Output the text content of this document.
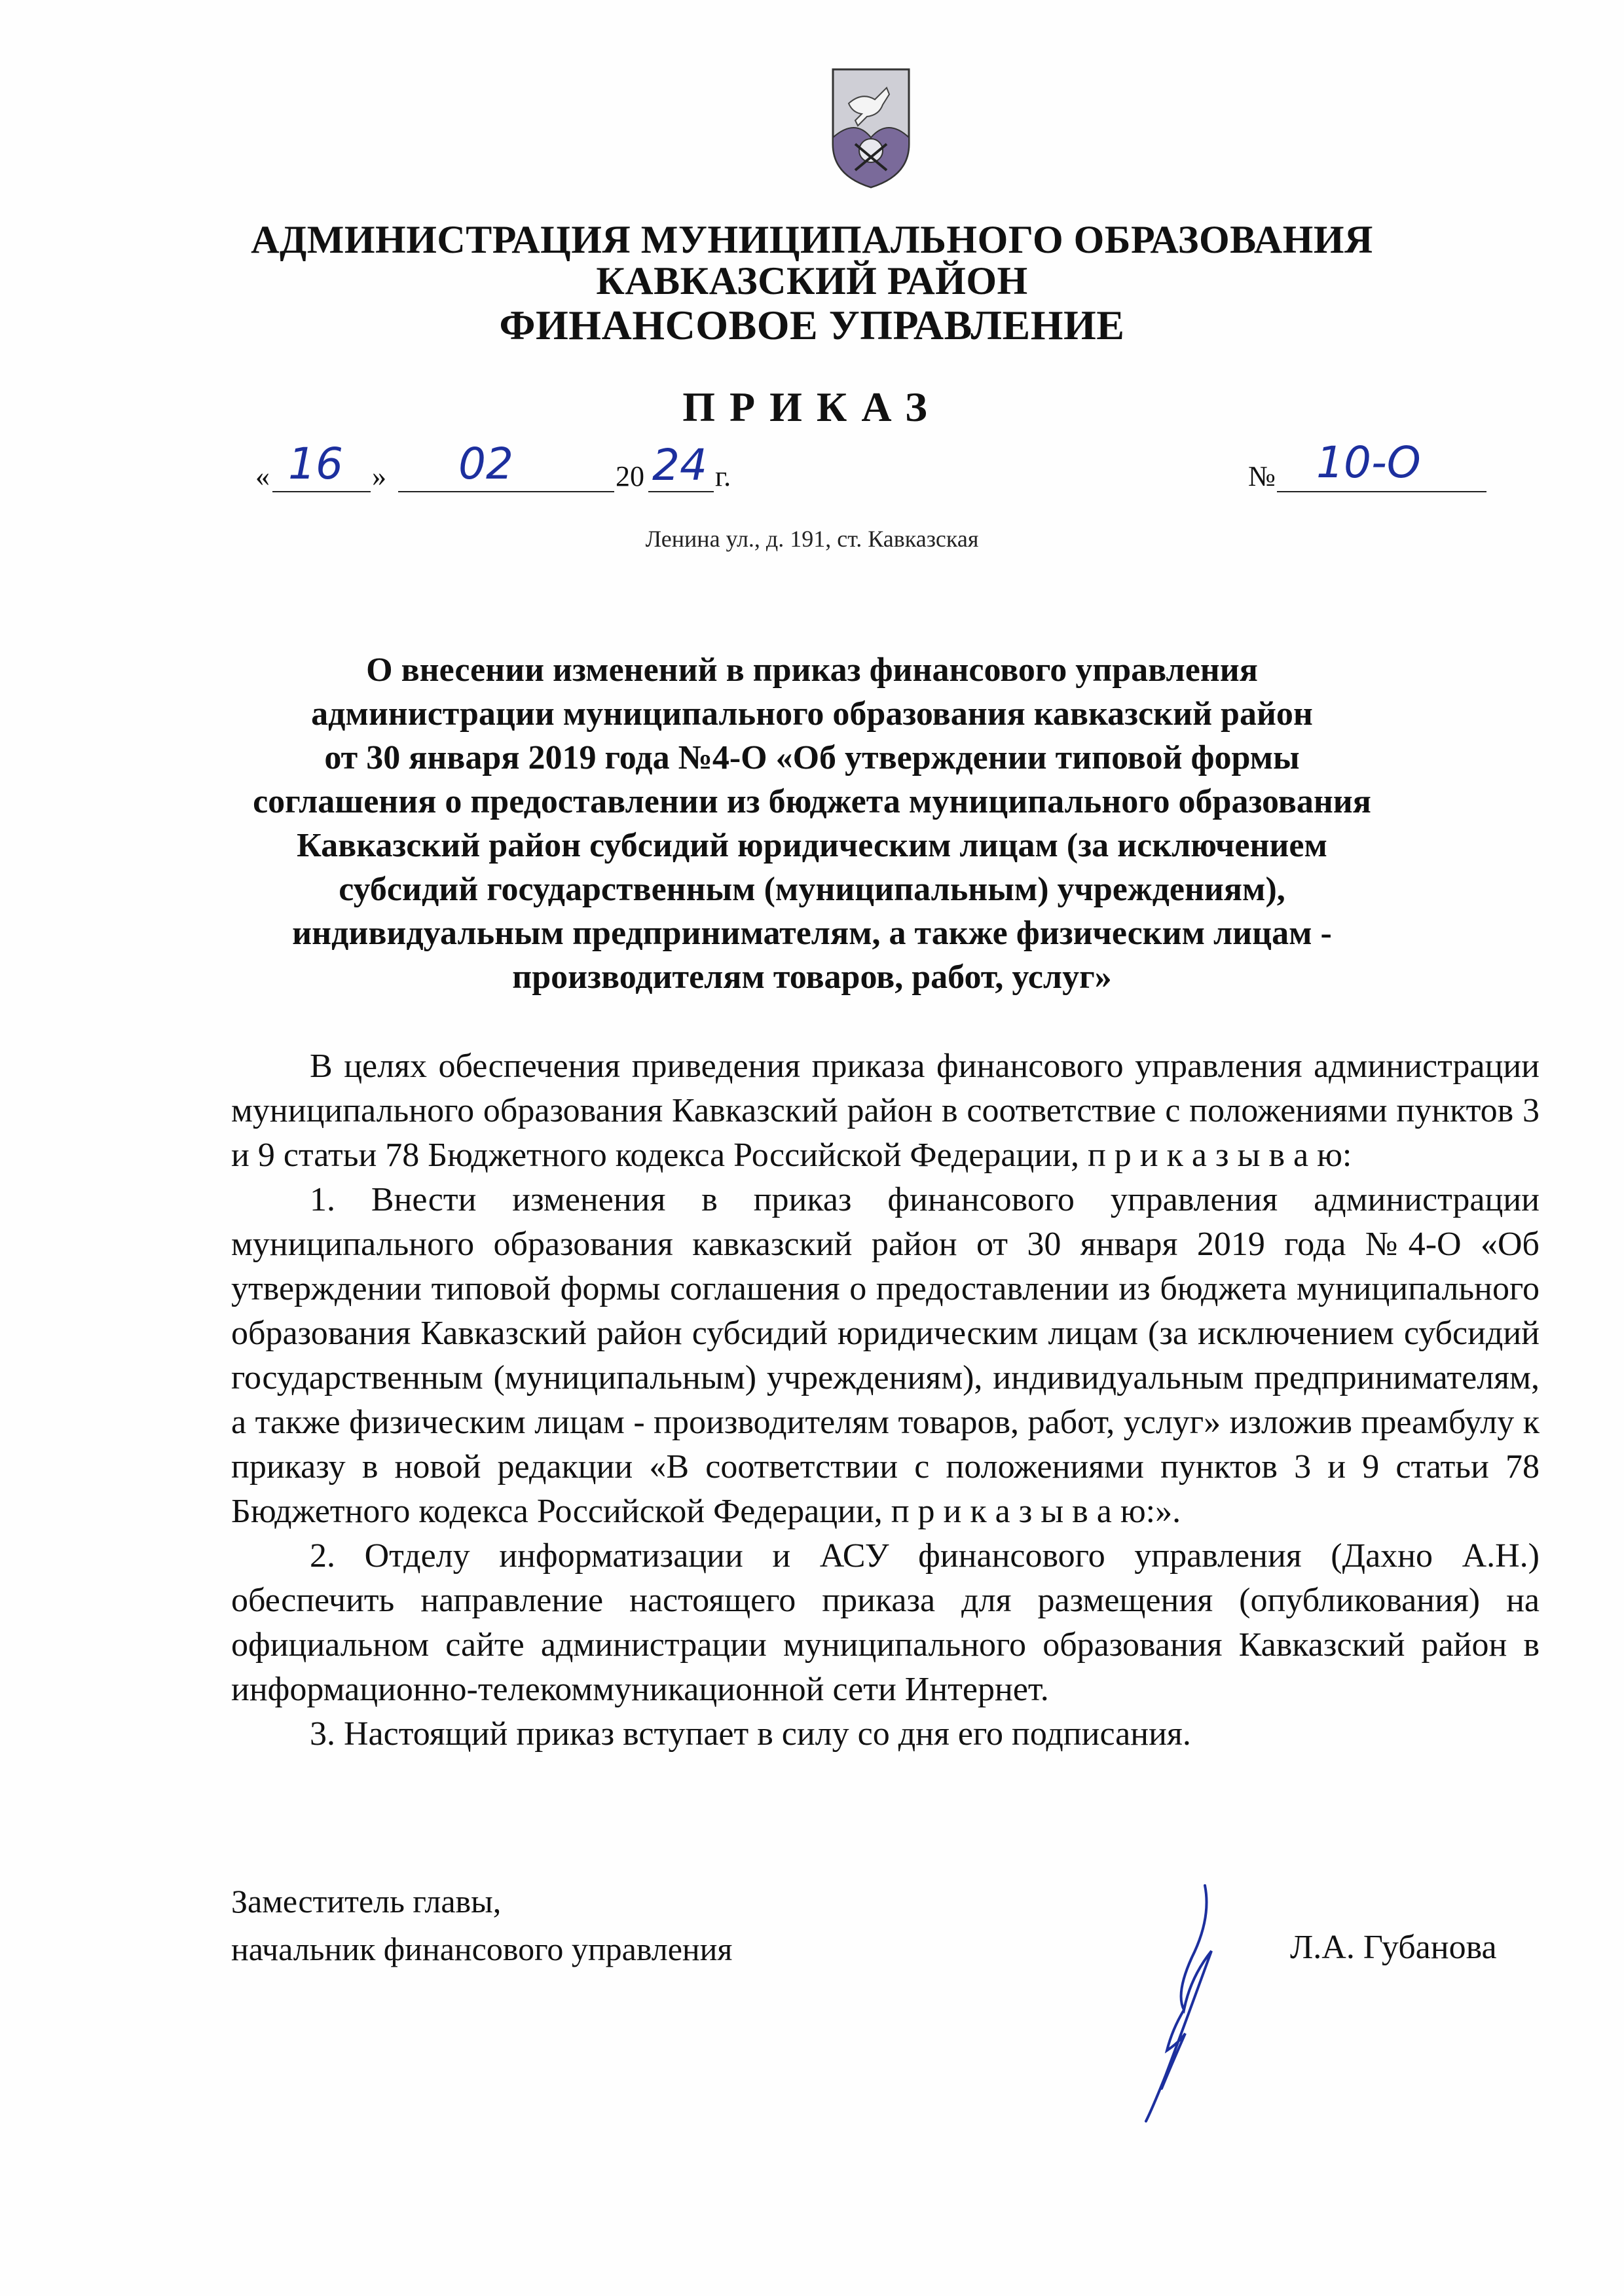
АДМИНИСТРАЦИЯ МУНИЦИПАЛЬНОГО ОБРАЗОВАНИЯ
КАВКАЗСКИЙ РАЙОН
ФИНАНСОВОЕ УПРАВЛЕНИЕ
ПРИКАЗ
« 16 » 02	20 24 г.	№ 10-О
Ленина ул., д. 191, ст. Кавказская
О внесении изменений в приказ финансового управления
администрации муниципального образования кавказский район
от 30 января 2019 года №4-О «Об утверждении типовой формы
соглашения о предоставлении из бюджета муниципального образования
Кавказский район субсидий юридическим лицам (за исключением
субсидий государственным (муниципальным) учреждениям),
индивидуальным предпринимателям, а также физическим лицам -
производителям товаров, работ, услуг»

В целях обеспечения приведения приказа финансового управления администрации муниципального образования Кавказский район в соответствие с положениями пунктов 3 и 9 статьи 78 Бюджетного кодекса Российской Федерации, п р и к а з ы в а ю:

1. Внести изменения в приказ финансового управления администрации муниципального образования кавказский район от 30 января 2019 года №4-О «Об утверждении типовой формы соглашения о предоставлении из бюджета муниципального образования Кавказский район субсидий юридическим лицам (за исключением субсидий государственным (муниципальным) учреждениям), индивидуальным предпринимателям, а также физическим лицам - производителям товаров, работ, услуг» изложив преамбулу к приказу в новой редакции «В соответствии с положениями пунктов 3 и 9 статьи 78 Бюджетного кодекса Российской Федерации, п р и к а з ы в а ю:».

2. Отделу информатизации и АСУ финансового управления (Дахно А.Н.) обеспечить направление настоящего приказа для размещения (опубликования) на официальном сайте администрации муниципального образования Кавказский район в информационно-телекоммуникационной сети Интернет.

3. Настоящий приказ вступает в силу со дня его подписания.

Заместитель главы,
начальник финансового управления	Л.А. Губанова
